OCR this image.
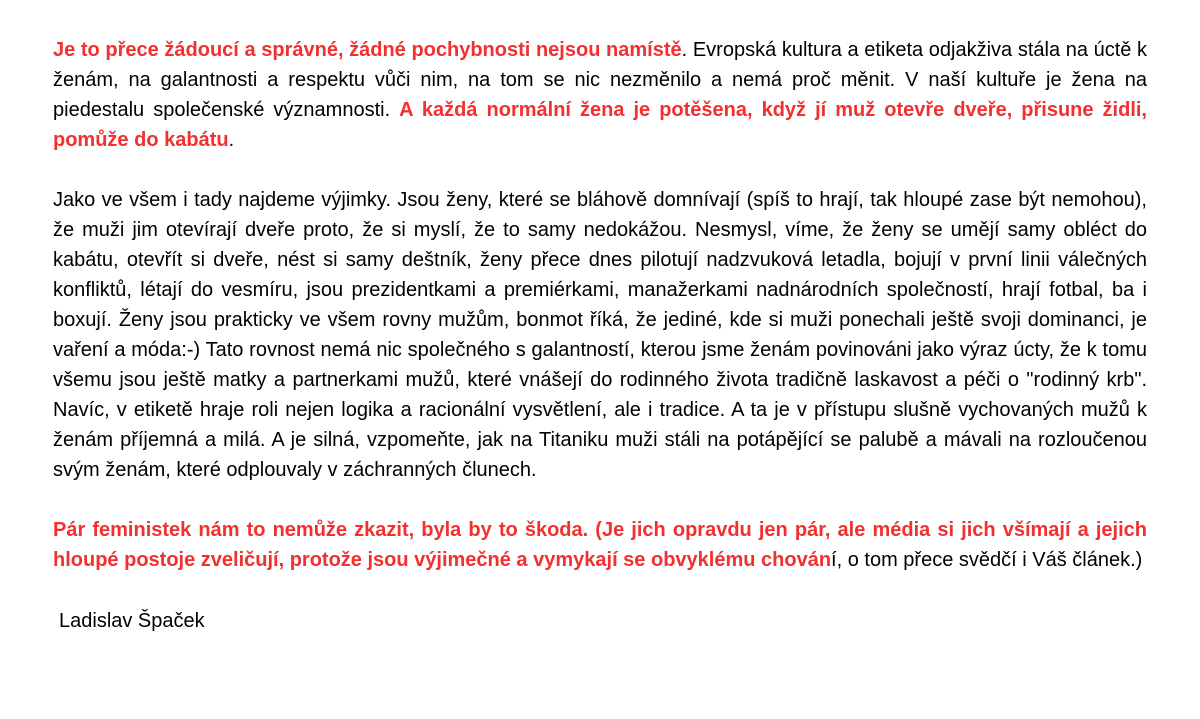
Je to přece žádoucí a správné, žádné pochybnosti nejsou namístě. Evropská kultura a etiketa odjakživa stála na úctě k ženám, na galantnosti a respektu vůči nim, na tom se nic nezměnilo a nemá proč měnit. V naší kultuře je žena na piedestalu společenské významnosti. A každá normální žena je potěšena, když jí muž otevře dveře, přisune židli, pomůže do kabátu.

Jako ve všem i tady najdeme výjimky. Jsou ženy, které se bláhově domnívají (spíš to hrají, tak hloupé zase být nemohou), že muži jim otevírají dveře proto, že si myslí, že to samy nedokážou. Nesmysl, víme, že ženy se umějí samy obléct do kabátu, otevřít si dveře, nést si samy deštník, ženy přece dnes pilotují nadzvuková letadla, bojují v první linii válečných konfliktů, létají do vesmíru, jsou prezidentkami a premiérkami, manažerkami nadnárodních společností, hrají fotbal, ba i boxují. Ženy jsou prakticky ve všem rovny mužům, bonmot říká, že jediné, kde si muži ponechali ještě svoji dominanci, je vaření a móda:-) Tato rovnost nemá nic společného s galantností, kterou jsme ženám povinováni jako výraz úcty, že k tomu všemu jsou ještě matky a partnerkami mužů, které vnášejí do rodinného života tradičně laskavost a péči o "rodinný krb". Navíc, v etiketě hraje roli nejen logika a racionální vysvětlení, ale i tradice. A ta je v přístupu slušně vychovaných mužů k ženám příjemná a milá. A je silná, vzpomeňte, jak na Titaniku muži stáli na potápějící se palubě a mávali na rozloučenou svým ženám, které odplouvaly v záchranných člunech.

Pár feministek nám to nemůže zkazit, byla by to škoda. (Je jich opravdu jen pár, ale média si jich všímají a jejich hloupé postoje zveličují, protože jsou výjimečné a vymykají se obvyklému chování, o tom přece svědčí i Váš článek.)

Ladislav Špaček
